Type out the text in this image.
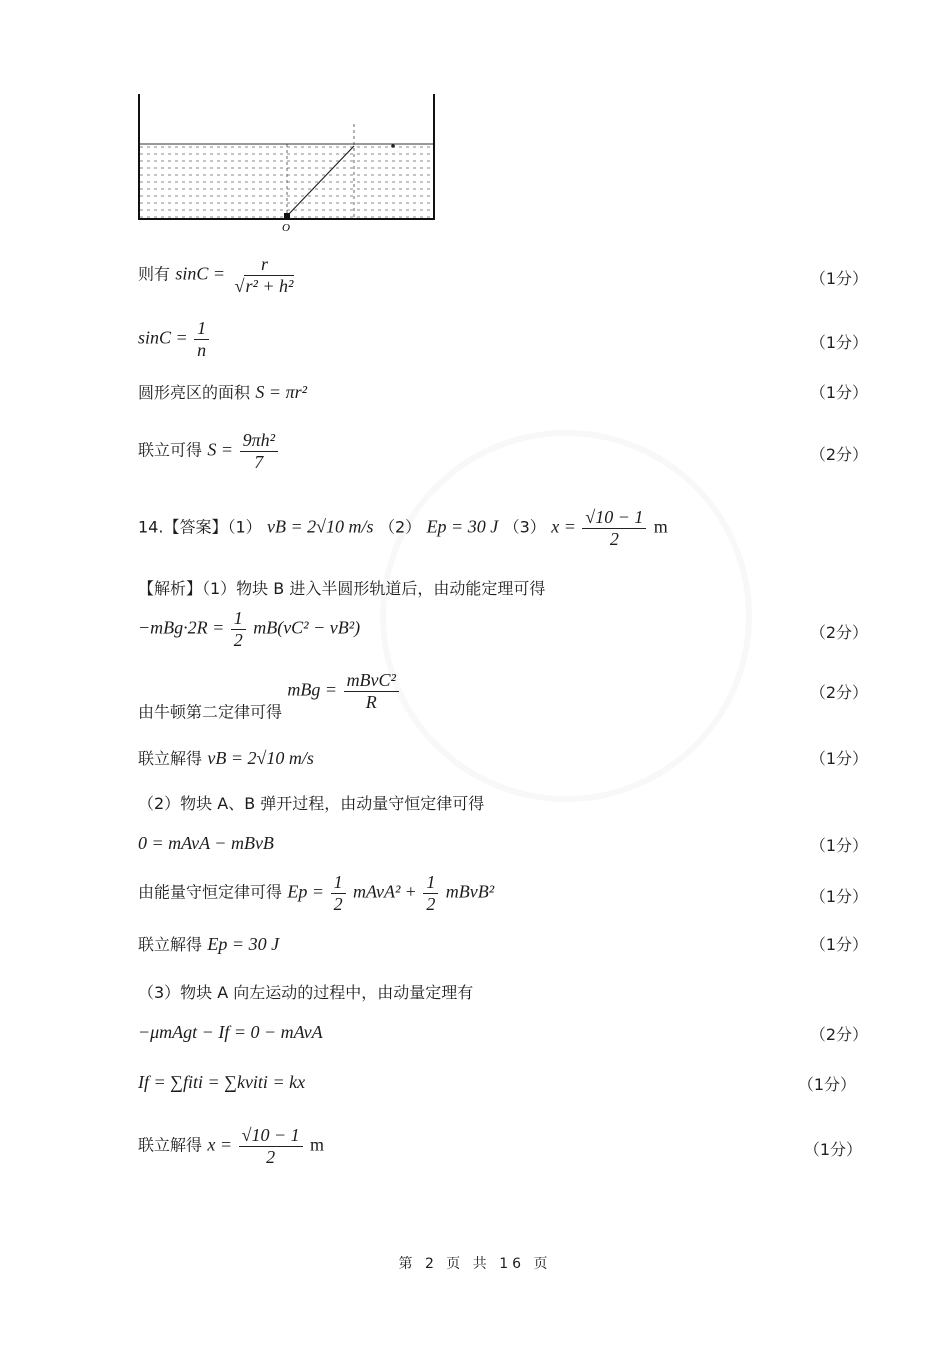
O
则有 $\sin C = \frac{r}{\text{√r² + h²}}$	（1分）
$\sin C = \frac{1}{n}$	（1分）
圆形亮区的面积 S = πr²	（1分）
联立可得 $S = \frac{\text{9πh²}}{7}$	（2分）
14.【答案】（1） vB = 2√10 m/s （2） Ep = 30 J （3） $x = \frac{√10 - 1}{2}$ m
【解析】（1）物块 B 进入半圆形轨道后，由动能定理可得
$-mBg\cdot 2R = \frac{1}{2} mB(vC^2 - vB^2)$	（2分）
由牛顿第二定律可得 mBg = $\frac{\text{mBvC²}}{R}$	（2分）
联立解得 vB = 2√10 m/s	（1分）
（2）物块 A、B 弹开过程，由动量守恒定律可得
0 = mAvA − mBvB	（1分）
由能量守恒定律可得 $Ep = \frac{1}{2}$ mAvA² + $\frac{1}{2}$ mBvB²	（1分）
联立解得 Ep = 30 J	（1分）
（3）物块 A 向左运动的过程中，由动量定理有
−μmAgt − If = 0 − mAvA	（2分）
If = ∑fiti = ∑kviti = kx	（1分）
联立解得 $x = \frac{√10 - 1}{2}$ m	（1分）
第 2 页 共 16 页
